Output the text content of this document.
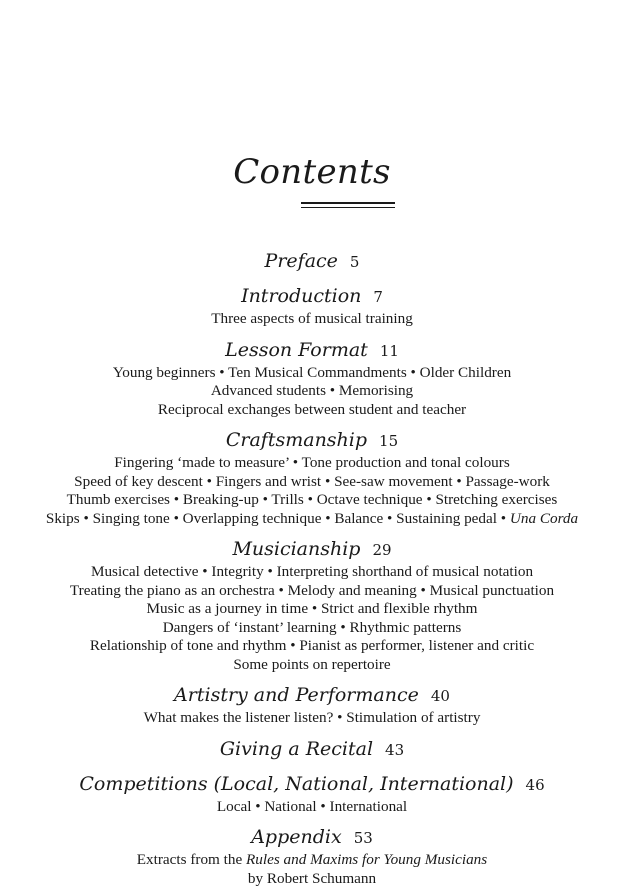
Contents
Preface 5
Introduction 7
Three aspects of musical training
Lesson Format 11
Young beginners • Ten Musical Commandments • Older Children
Advanced students • Memorising
Reciprocal exchanges between student and teacher
Craftsmanship 15
Fingering ‘made to measure’ • Tone production and tonal colours
Speed of key descent • Fingers and wrist • See-saw movement • Passage-work
Thumb exercises • Breaking-up • Trills • Octave technique • Stretching exercises
Skips • Singing tone • Overlapping technique • Balance • Sustaining pedal • Una Corda
Musicianship 29
Musical detective • Integrity • Interpreting shorthand of musical notation
Treating the piano as an orchestra • Melody and meaning • Musical punctuation
Music as a journey in time • Strict and flexible rhythm
Dangers of ‘instant’ learning • Rhythmic patterns
Relationship of tone and rhythm • Pianist as performer, listener and critic
Some points on repertoire
Artistry and Performance 40
What makes the listener listen? • Stimulation of artistry
Giving a Recital 43
Competitions (Local, National, International) 46
Local • National • International
Appendix 53
Extracts from the Rules and Maxims for Young Musicians
by Robert Schumann
